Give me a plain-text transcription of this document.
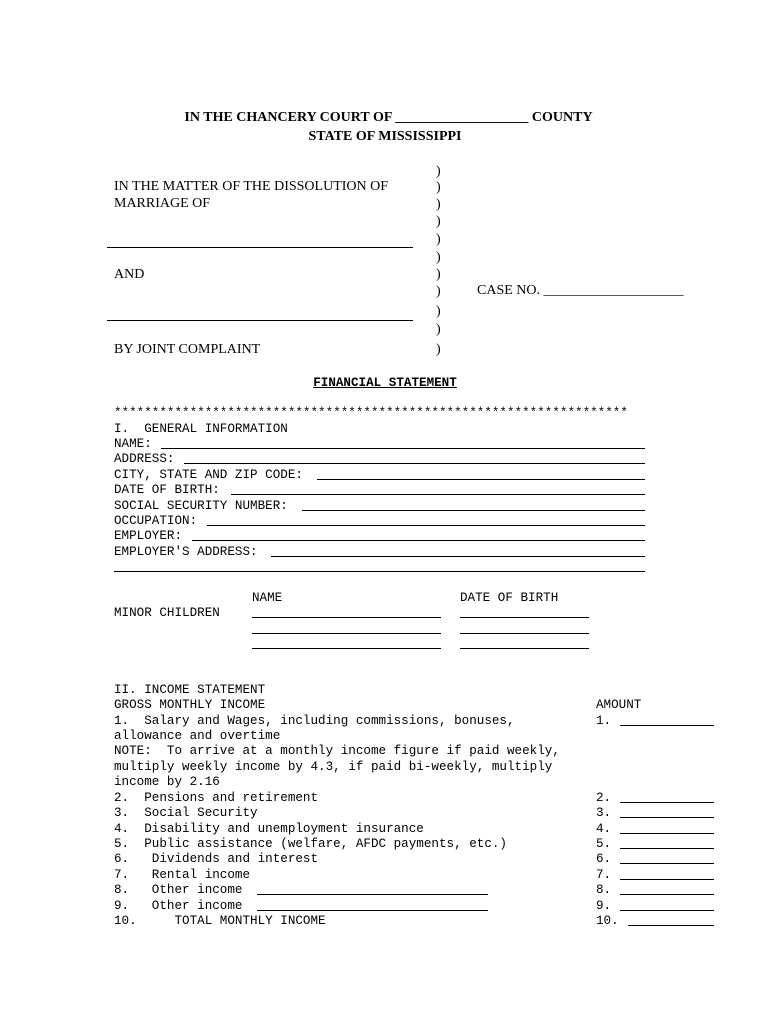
IN THE CHANCERY COURT OF ___________________ COUNTY

STATE OF MISSISSIPPI
IN THE MATTER OF THE DISSOLUTION OF
MARRIAGE OF
AND
BY JOINT COMPLAINT
)
)
)
)
)
)
)
)
)
)
)

CASE NO. ____________________

FINANCIAL STATEMENT
********************************************************************
I.  GENERAL INFORMATION
NAME:
ADDRESS:
CITY, STATE AND ZIP CODE:
DATE OF BIRTH:
SOCIAL SECURITY NUMBER:
OCCUPATION:
EMPLOYER:
EMPLOYER'S ADDRESS:
NAME	DATE OF BIRTH
MINOR CHILDREN
II. INCOME STATEMENT
GROSS MONTHLY INCOME	AMOUNT
1.  Salary and Wages, including commissions, bonuses,
allowance and overtime
NOTE:  To arrive at a monthly income figure if paid weekly,
multiply weekly income by 4.3, if paid bi-weekly, multiply
income by 2.16
2.  Pensions and retirement
3.  Social Security
4.  Disability and unemployment insurance
5.  Public assistance (welfare, AFDC payments, etc.)
6.   Dividends and interest
7.   Rental income
8.   Other income
9.   Other income
10.     TOTAL MONTHLY INCOME
1.
2.
3.
4.
5.
6.
7.
8.
9.
10.
